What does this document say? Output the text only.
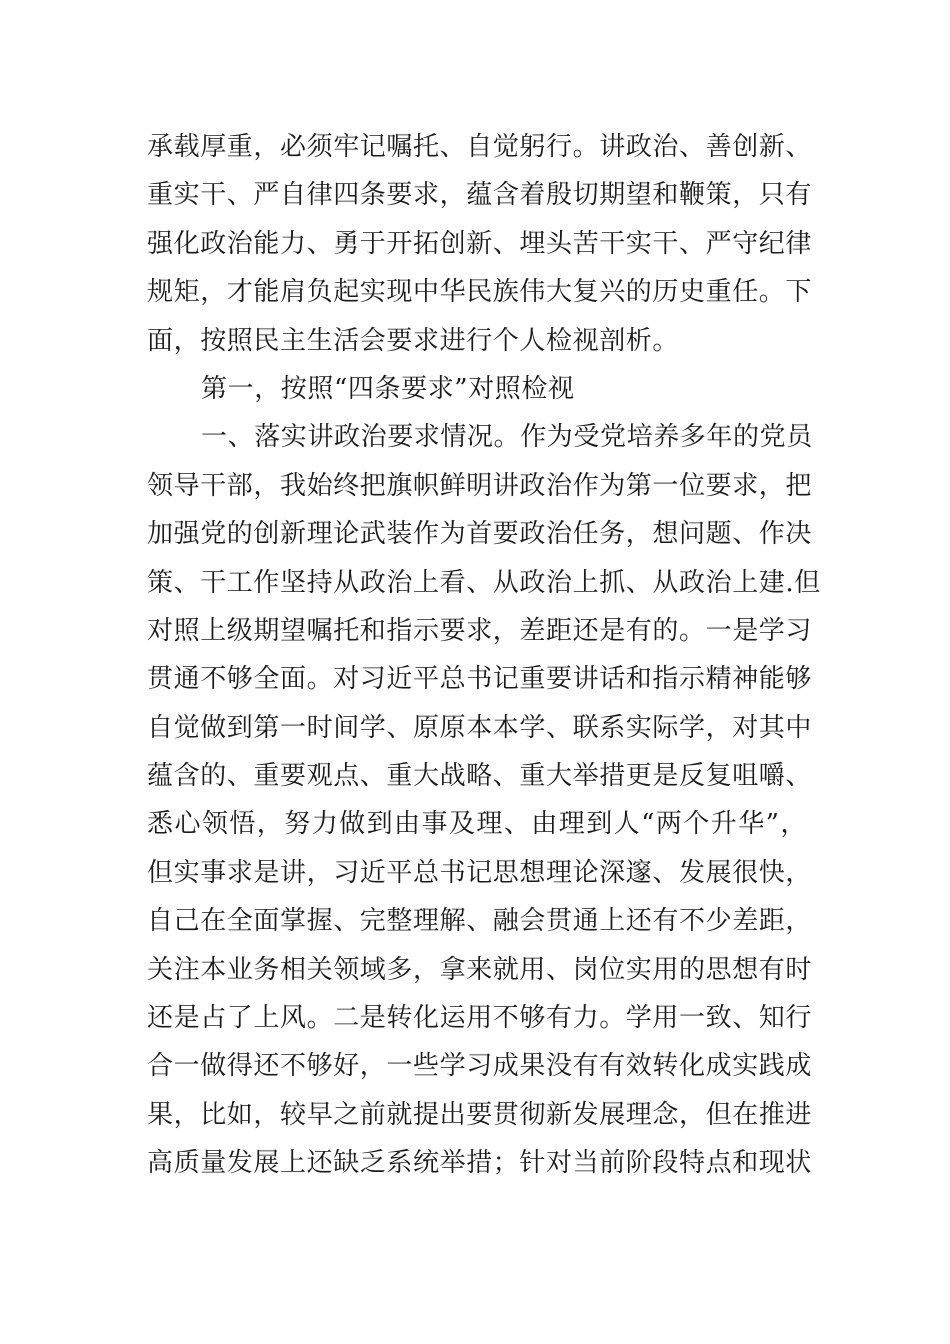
承载厚重，必须牢记嘱托、自觉躬行。讲政治、善创新、
重实干、严自律四条要求，蕴含着殷切期望和鞭策，只有
强化政治能力、勇于开拓创新、埋头苦干实干、严守纪律
规矩，才能肩负起实现中华民族伟大复兴的历史重任。下
面，按照民主生活会要求进行个人检视剖析。
第一，按照“四条要求”对照检视
一、落实讲政治要求情况。作为受党培养多年的党员
领导干部，我始终把旗帜鲜明讲政治作为第一位要求，把
加强党的创新理论武装作为首要政治任务，想问题、作决
策、干工作坚持从政治上看、从政治上抓、从政治上建.但
对照上级期望嘱托和指示要求，差距还是有的。一是学习
贯通不够全面。对习近平总书记重要讲话和指示精神能够
自觉做到第一时间学、原原本本学、联系实际学，对其中
蕴含的、重要观点、重大战略、重大举措更是反复咀嚼、
悉心领悟，努力做到由事及理、由理到人“两个升华”，
但实事求是讲，习近平总书记思想理论深邃、发展很快，
自己在全面掌握、完整理解、融会贯通上还有不少差距，
关注本业务相关领域多，拿来就用、岗位实用的思想有时
还是占了上风。二是转化运用不够有力。学用一致、知行
合一做得还不够好，一些学习成果没有有效转化成实践成
果，比如，较早之前就提出要贯彻新发展理念，但在推进
高质量发展上还缺乏系统举措；针对当前阶段特点和现状
